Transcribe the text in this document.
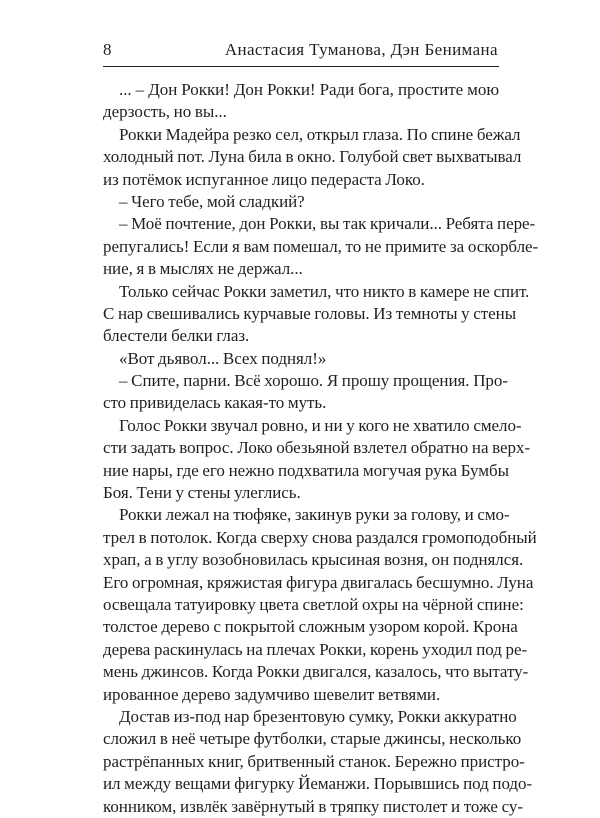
8	Анастасия Туманова, Дэн Бенимана
... – Дон Рокки! Дон Рокки! Ради бога, простите мою
дерзость, но вы...
Рокки Мадейра резко сел, открыл глаза. По спине бежал
холодный пот. Луна била в окно. Голубой свет выхватывал
из потёмок испуганное лицо педераста Локо.
– Чего тебе, мой сладкий?
– Моё почтение, дон Рокки, вы так кричали... Ребята пере-
репугались! Если я вам помешал, то не примите за оскорбле-
ние, я в мыслях не держал...
Только сейчас Рокки заметил, что никто в камере не спит.
С нар свешивались курчавые головы. Из темноты у стены
блестели белки глаз.
«Вот дьявол... Всех поднял!»
– Спите, парни. Всё хорошо. Я прошу прощения. Про-
сто привиделась какая-то муть.
Голос Рокки звучал ровно, и ни у кого не хватило смело-
сти задать вопрос. Локо обезьяной взлетел обратно на верх-
ние нары, где его нежно подхватила могучая рука Бумбы
Боя. Тени у стены улеглись.
Рокки лежал на тюфяке, закинув руки за голову, и смо-
трел в потолок. Когда сверху снова раздался громоподобный
храп, а в углу возобновилась крысиная возня, он поднялся.
Его огромная, кряжистая фигура двигалась бесшумно. Луна
освещала татуировку цвета светлой охры на чёрной спине:
толстое дерево с покрытой сложным узором корой. Крона
дерева раскинулась на плечах Рокки, корень уходил под ре-
мень джинсов. Когда Рокки двигался, казалось, что вытату-
ированное дерево задумчиво шевелит ветвями.
Достав из-под нар брезентовую сумку, Рокки аккуратно
сложил в неё четыре футболки, старые джинсы, несколько
растрёпанных книг, бритвенный станок. Бережно пристро-
ил между вещами фигурку Йеманжи. Порывшись под подо-
конником, извлёк завёрнутый в тряпку пистолет и тоже су-
